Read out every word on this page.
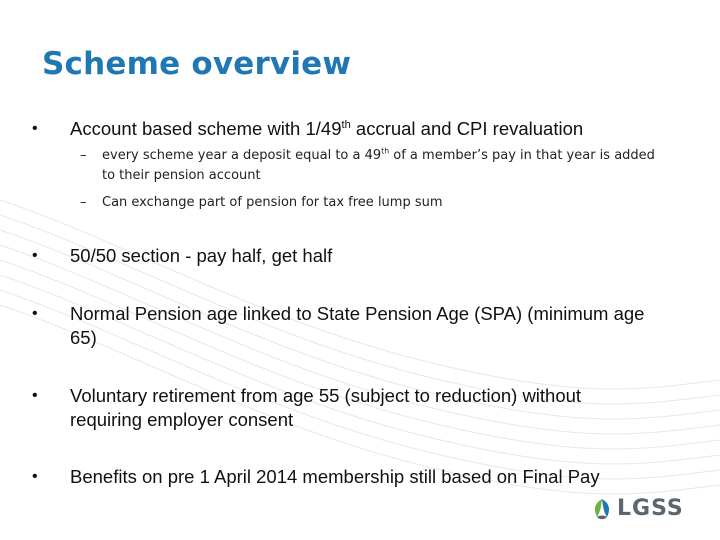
Scheme overview
• Account based scheme with 1/49th accrual and CPI revaluation
– every scheme year a deposit equal to a 49th of a member’s pay in that year is added to their pension account
– Can exchange part of pension for tax free lump sum
• 50/50 section - pay half, get half
• Normal Pension age linked to State Pension Age (SPA) (minimum age 65)
• Voluntary retirement from age 55 (subject to reduction) without requiring employer consent
• Benefits on pre 1 April 2014 membership still based on Final Pay
LGSS
